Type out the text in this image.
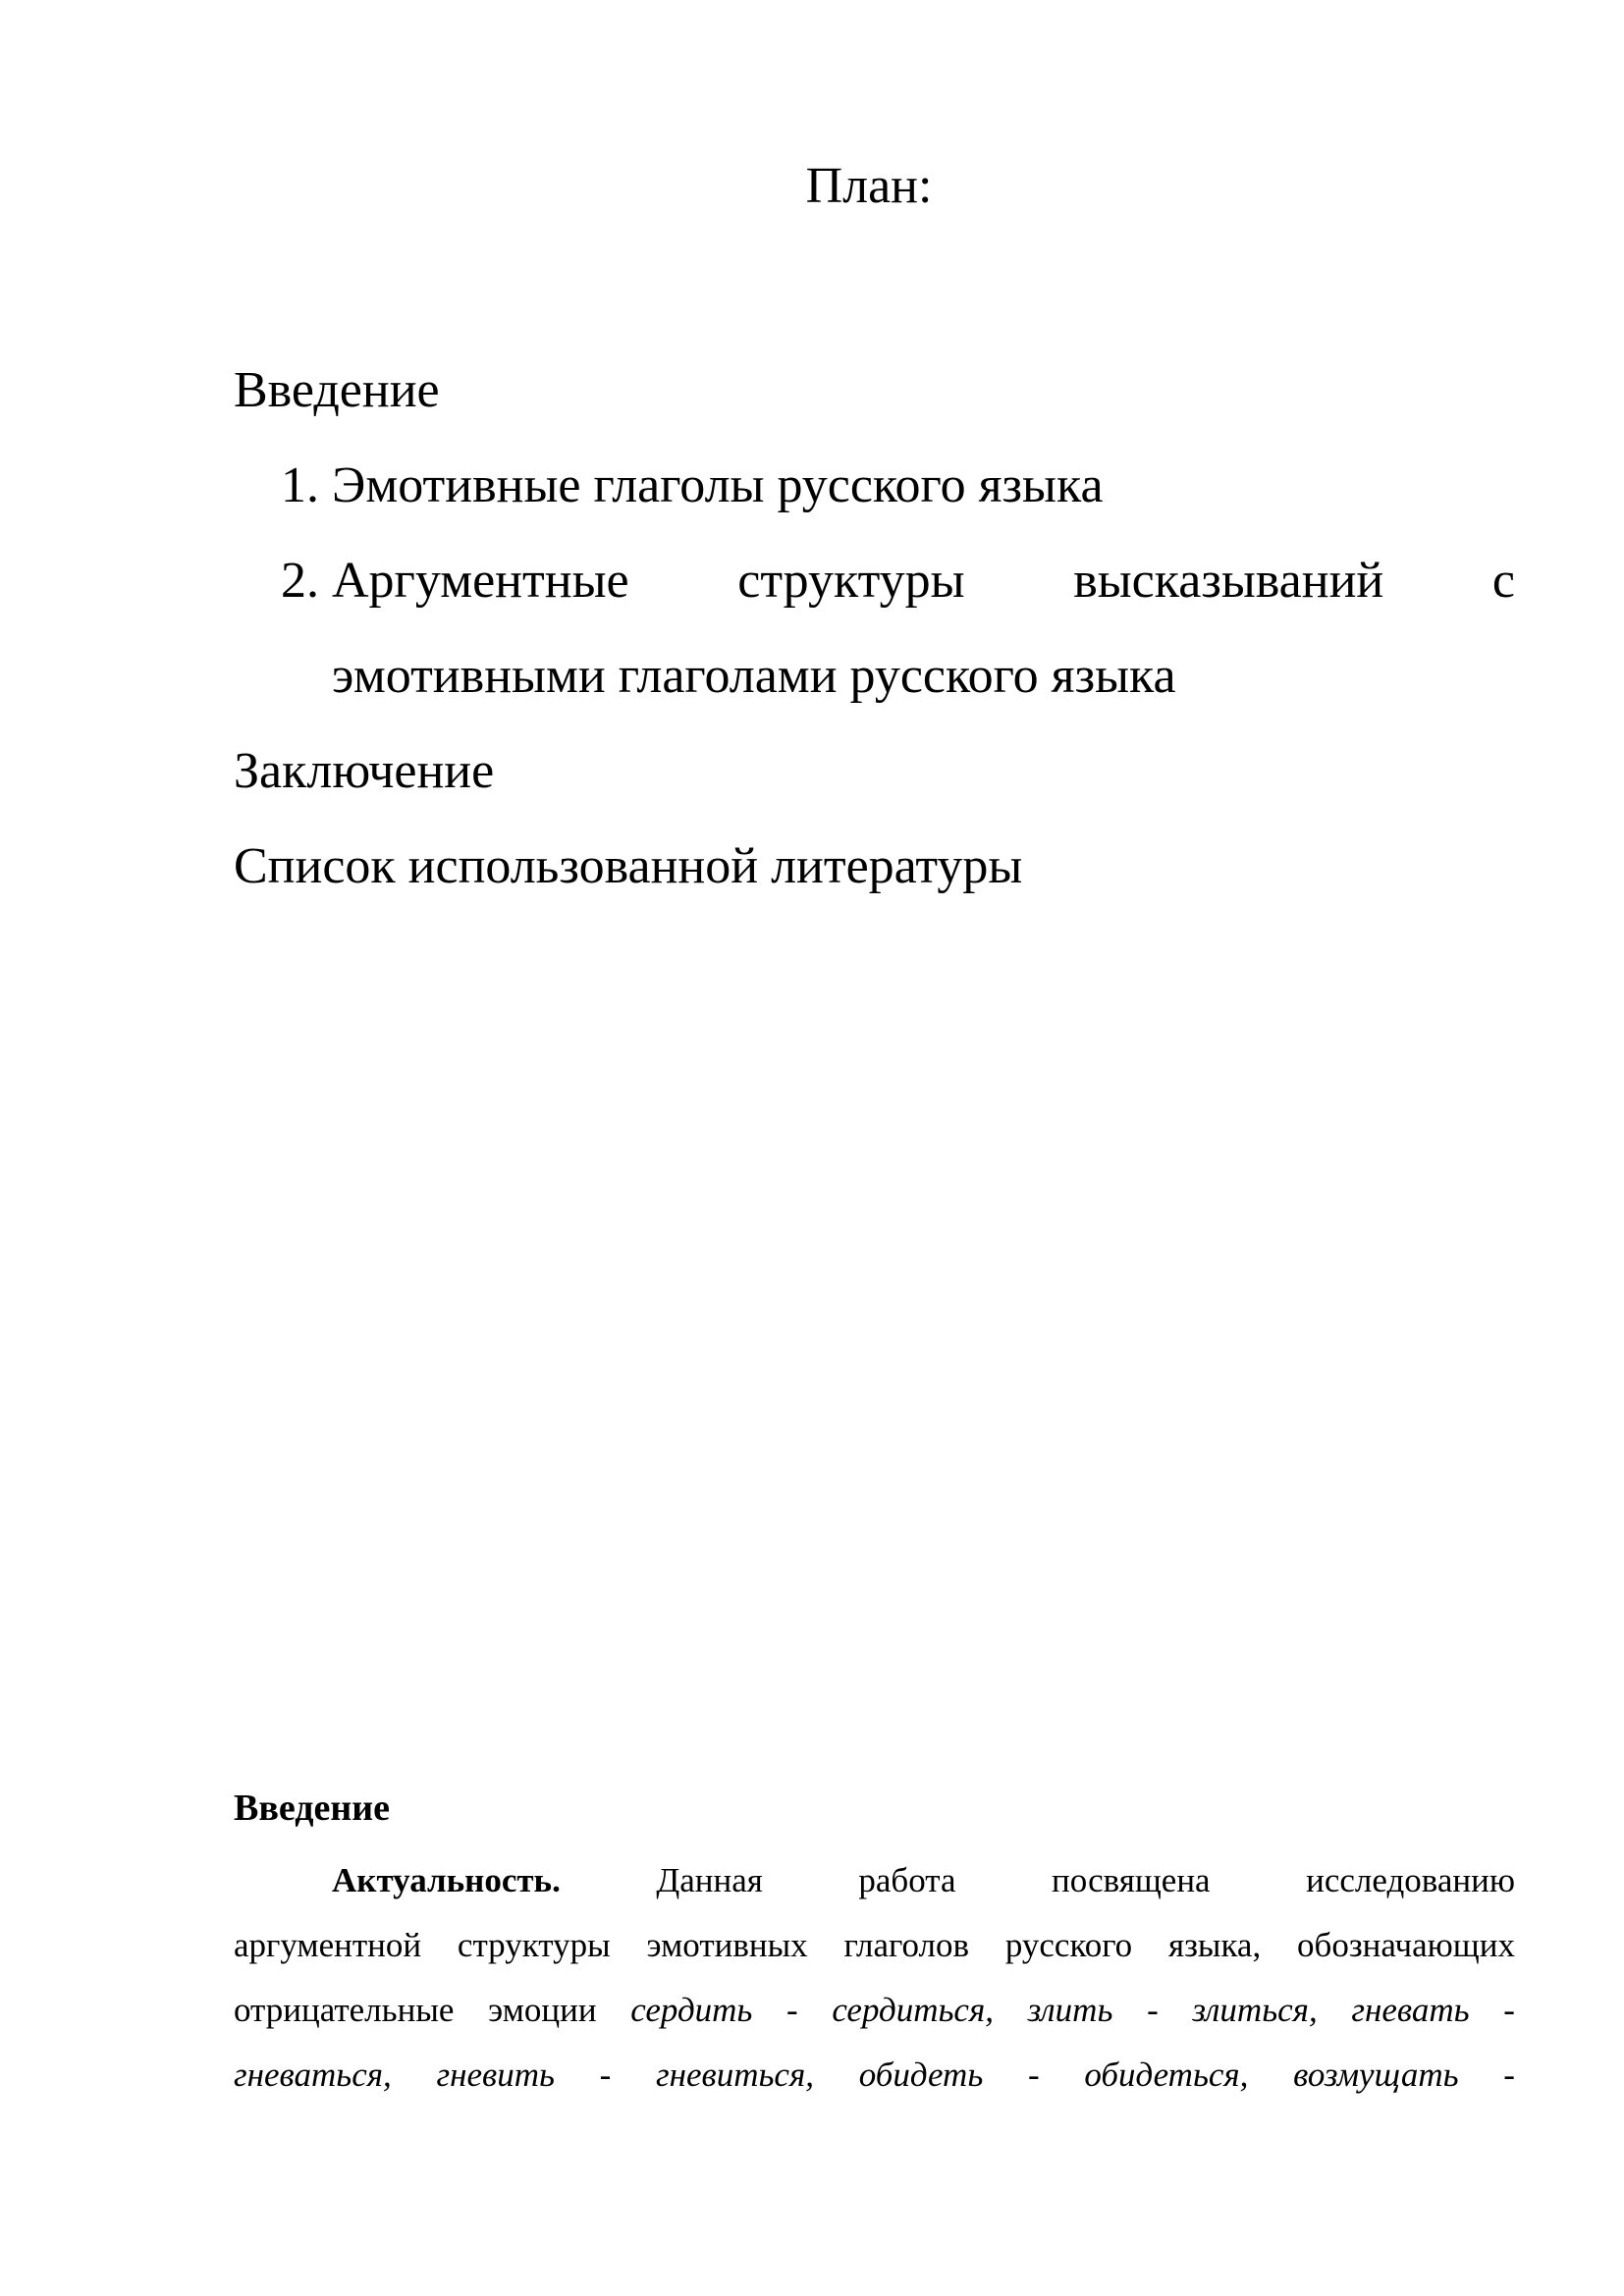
План:
Введение
1. Эмотивные глаголы русского языка
2. Аргументные структуры высказываний с
эмотивными глаголами русского языка
Заключение
Список использованной литературы
Введение
Актуальность.	Данная	работа	посвящена	исследованию
аргументной структуры эмотивных глаголов русского языка, обозначающих
отрицательные эмоции сердить - сердиться, злить - злиться, гневать -
гневаться, гневить - гневиться, обидеть - обидеться, возмущать -
